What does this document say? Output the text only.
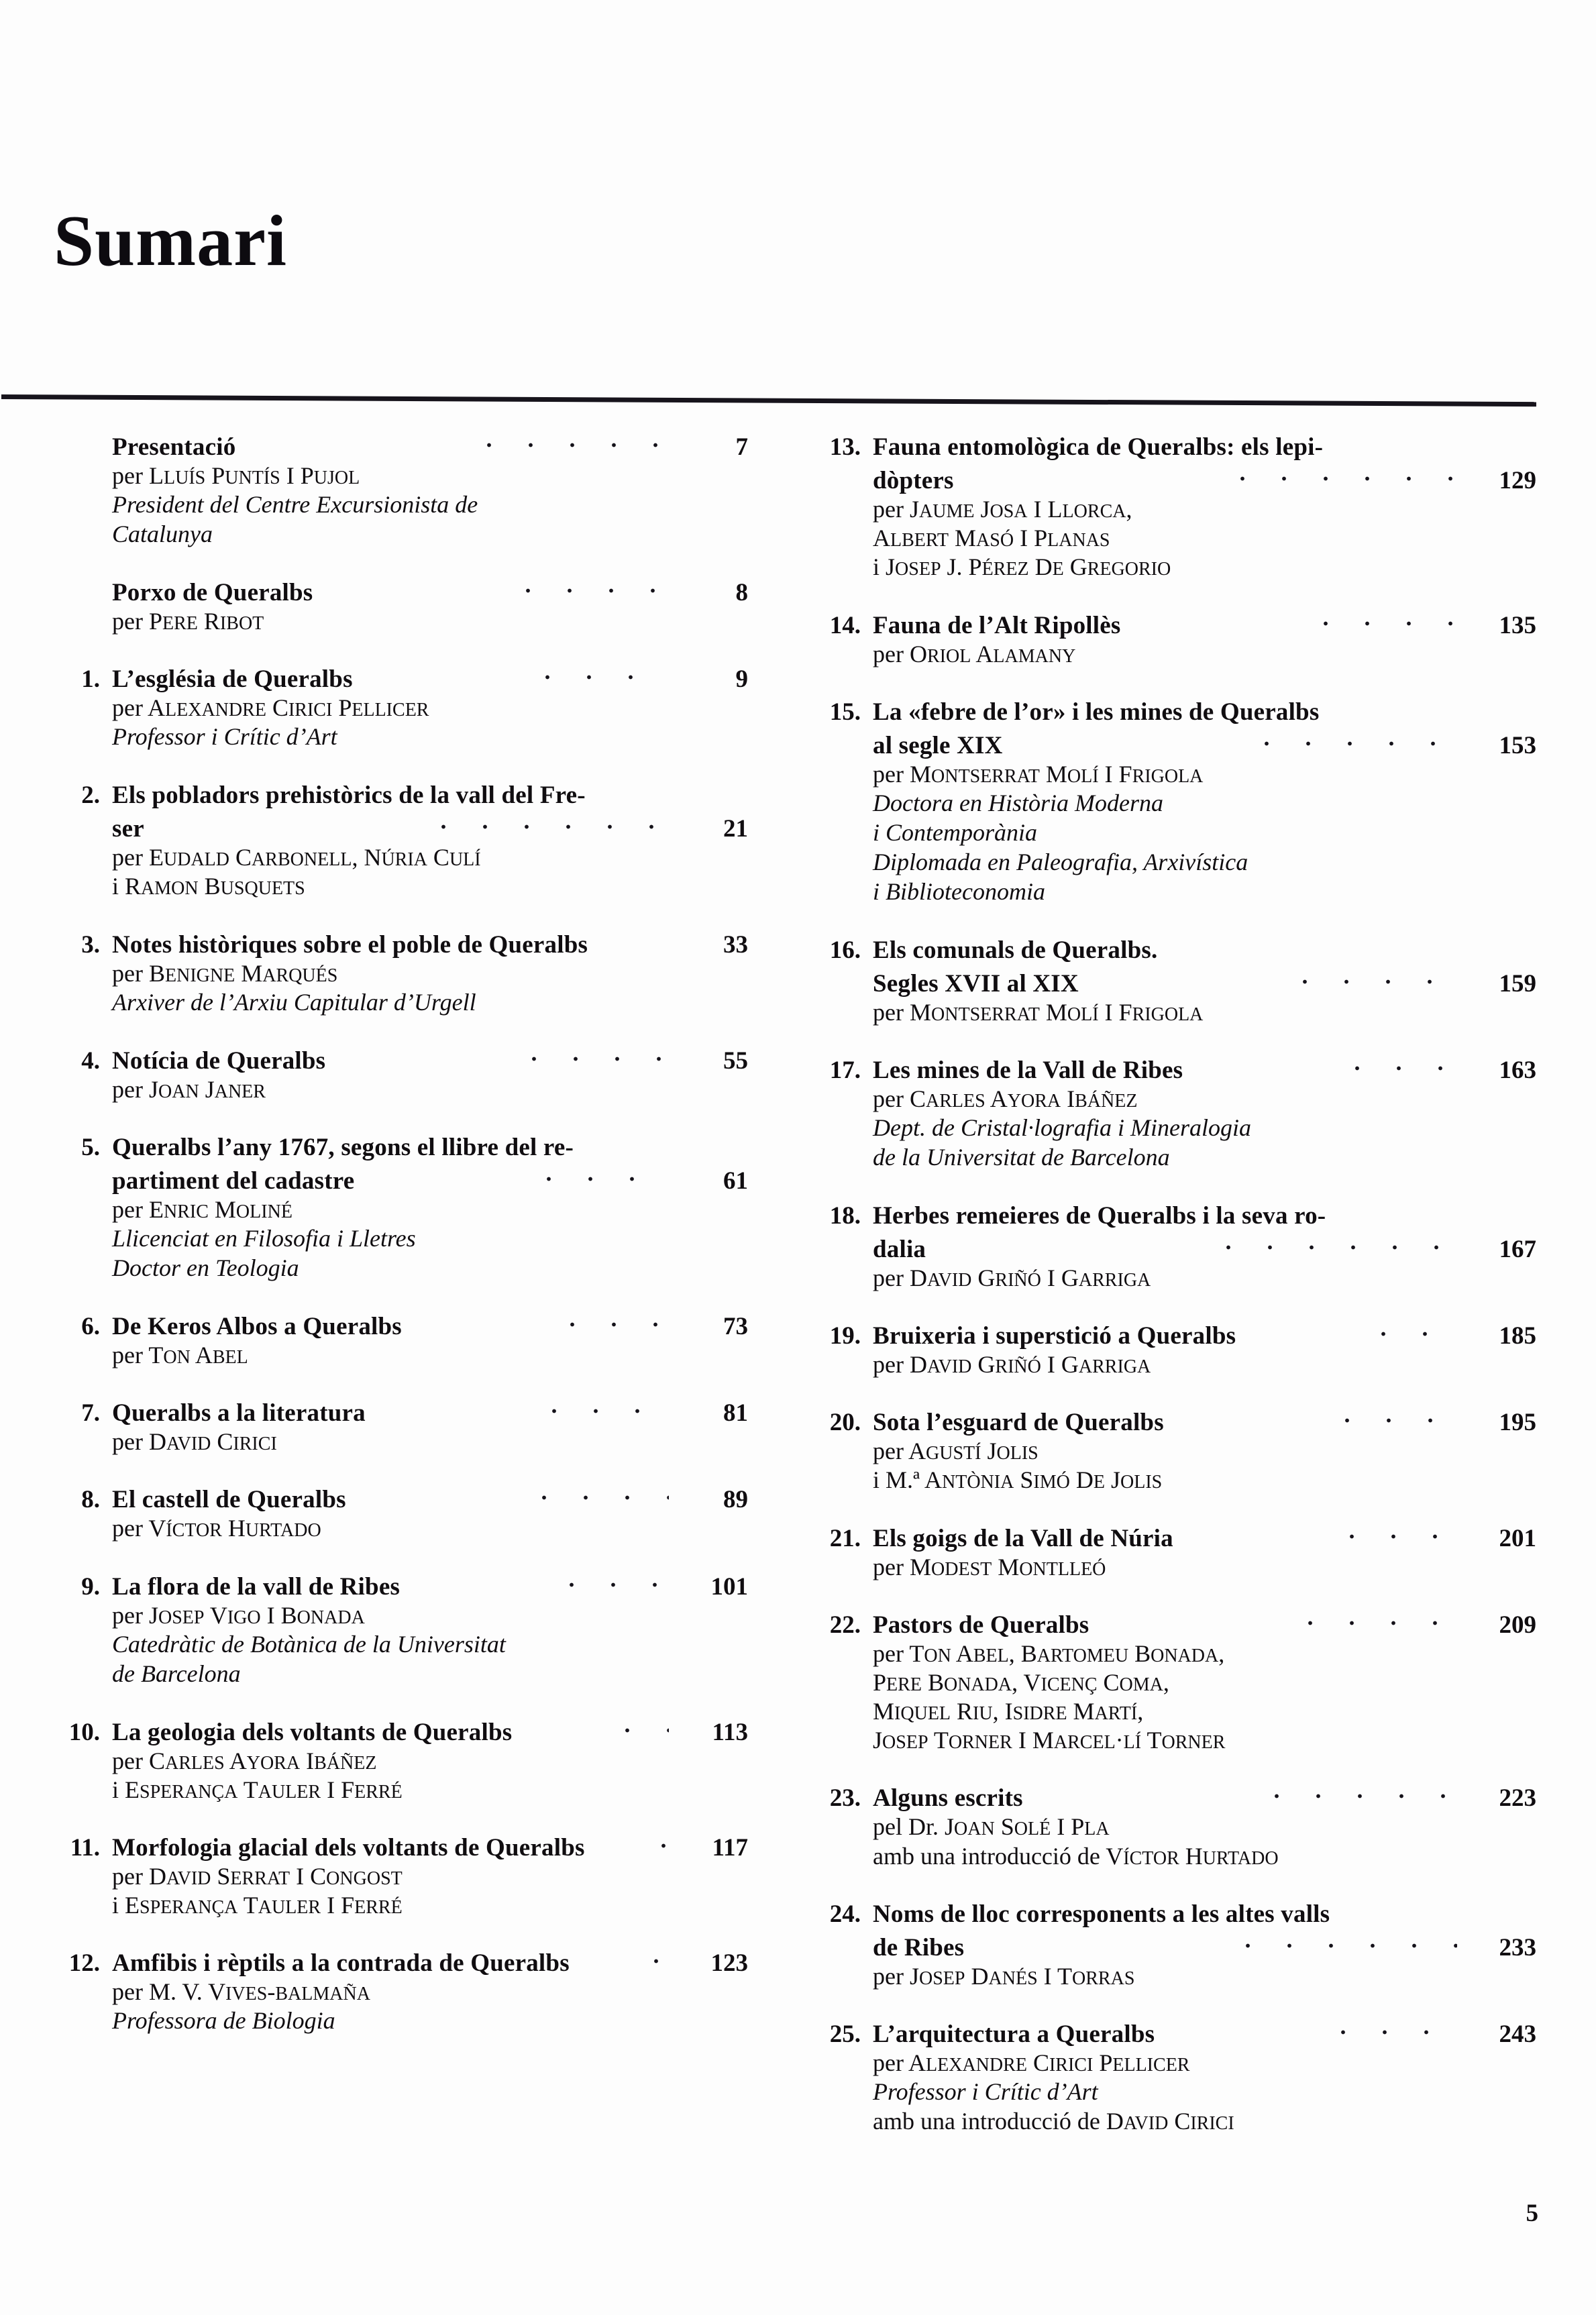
Sumari
Presentació	7
per LLUÍS PUNTÍS I PUJOL
President del Centre Excursionista de
Catalunya
Porxo de Queralbs	8
per PERE RIBOT
1. L’església de Queralbs	9
per ALEXANDRE CIRICI PELLICER
Professor i Crític d’Art
2. Els pobladors prehistòrics de la vall del Fre-
ser	21
per EUDALD CARBONELL, NÚRIA CULÍ
i RAMON BUSQUETS
3. Notes històriques sobre el poble de Queralbs	33
per BENIGNE MARQUÉS
Arxiver de l’Arxiu Capitular d’Urgell
4. Notícia de Queralbs	55
per JOAN JANER
5. Queralbs l’any 1767, segons el llibre del re-
partiment del cadastre	61
per ENRIC MOLINÉ
Llicenciat en Filosofia i Lletres
Doctor en Teologia
6. De Keros Albos a Queralbs	73
per TON ABEL
7. Queralbs a la literatura	81
per DAVID CIRICI
8. El castell de Queralbs	89
per VÍCTOR HURTADO
9. La flora de la vall de Ribes	101
per JOSEP VIGO I BONADA
Catedràtic de Botànica de la Universitat
de Barcelona
10. La geologia dels voltants de Queralbs	113
per CARLES AYORA IBÁÑEZ
i ESPERANÇA TAULER I FERRÉ
11. Morfologia glacial dels voltants de Queralbs	117
per DAVID SERRAT I CONGOST
i ESPERANÇA TAULER I FERRÉ
12. Amfibis i rèptils a la contrada de Queralbs	123
per M. V. VIVES-BALMAÑA
Professora de Biologia
13. Fauna entomològica de Queralbs: els lepi-
dòpters	129
per JAUME JOSA I LLORCA,
ALBERT MASÓ I PLANAS
i JOSEP J. PÉREZ DE GREGORIO
14. Fauna de l’Alt Ripollès	135
per ORIOL ALAMANY
15. La «febre de l’or» i les mines de Queralbs
al segle XIX	153
per MONTSERRAT MOLÍ I FRIGOLA
Doctora en Història Moderna
i Contemporània
Diplomada en Paleografia, Arxivística
i Biblioteconomia
16. Els comunals de Queralbs.
Segles XVII al XIX	159
per MONTSERRAT MOLÍ I FRIGOLA
17. Les mines de la Vall de Ribes	163
per CARLES AYORA IBÁÑEZ
Dept. de Cristal·lografia i Mineralogia
de la Universitat de Barcelona
18. Herbes remeieres de Queralbs i la seva ro-
dalia	167
per DAVID GRIÑÓ I GARRIGA
19. Bruixeria i superstició a Queralbs	185
per DAVID GRIÑÓ I GARRIGA
20. Sota l’esguard de Queralbs	195
per AGUSTÍ JOLIS
i M.ª ANTÒNIA SIMÓ DE JOLIS
21. Els goigs de la Vall de Núria	201
per MODEST MONTLLEÓ
22. Pastors de Queralbs	209
per TON ABEL, BARTOMEU BONADA,
PERE BONADA, VICENÇ COMA,
MIQUEL RIU, ISIDRE MARTÍ,
JOSEP TORNER I MARCEL·LÍ TORNER
23. Alguns escrits	223
pel Dr. JOAN SOLÉ I PLA
amb una introducció de VÍCTOR HURTADO
24. Noms de lloc corresponents a les altes valls
de Ribes	233
per JOSEP DANÉS I TORRAS
25. L’arquitectura a Queralbs	243
per ALEXANDRE CIRICI PELLICER
Professor i Crític d’Art
amb una introducció de DAVID CIRICI
5
